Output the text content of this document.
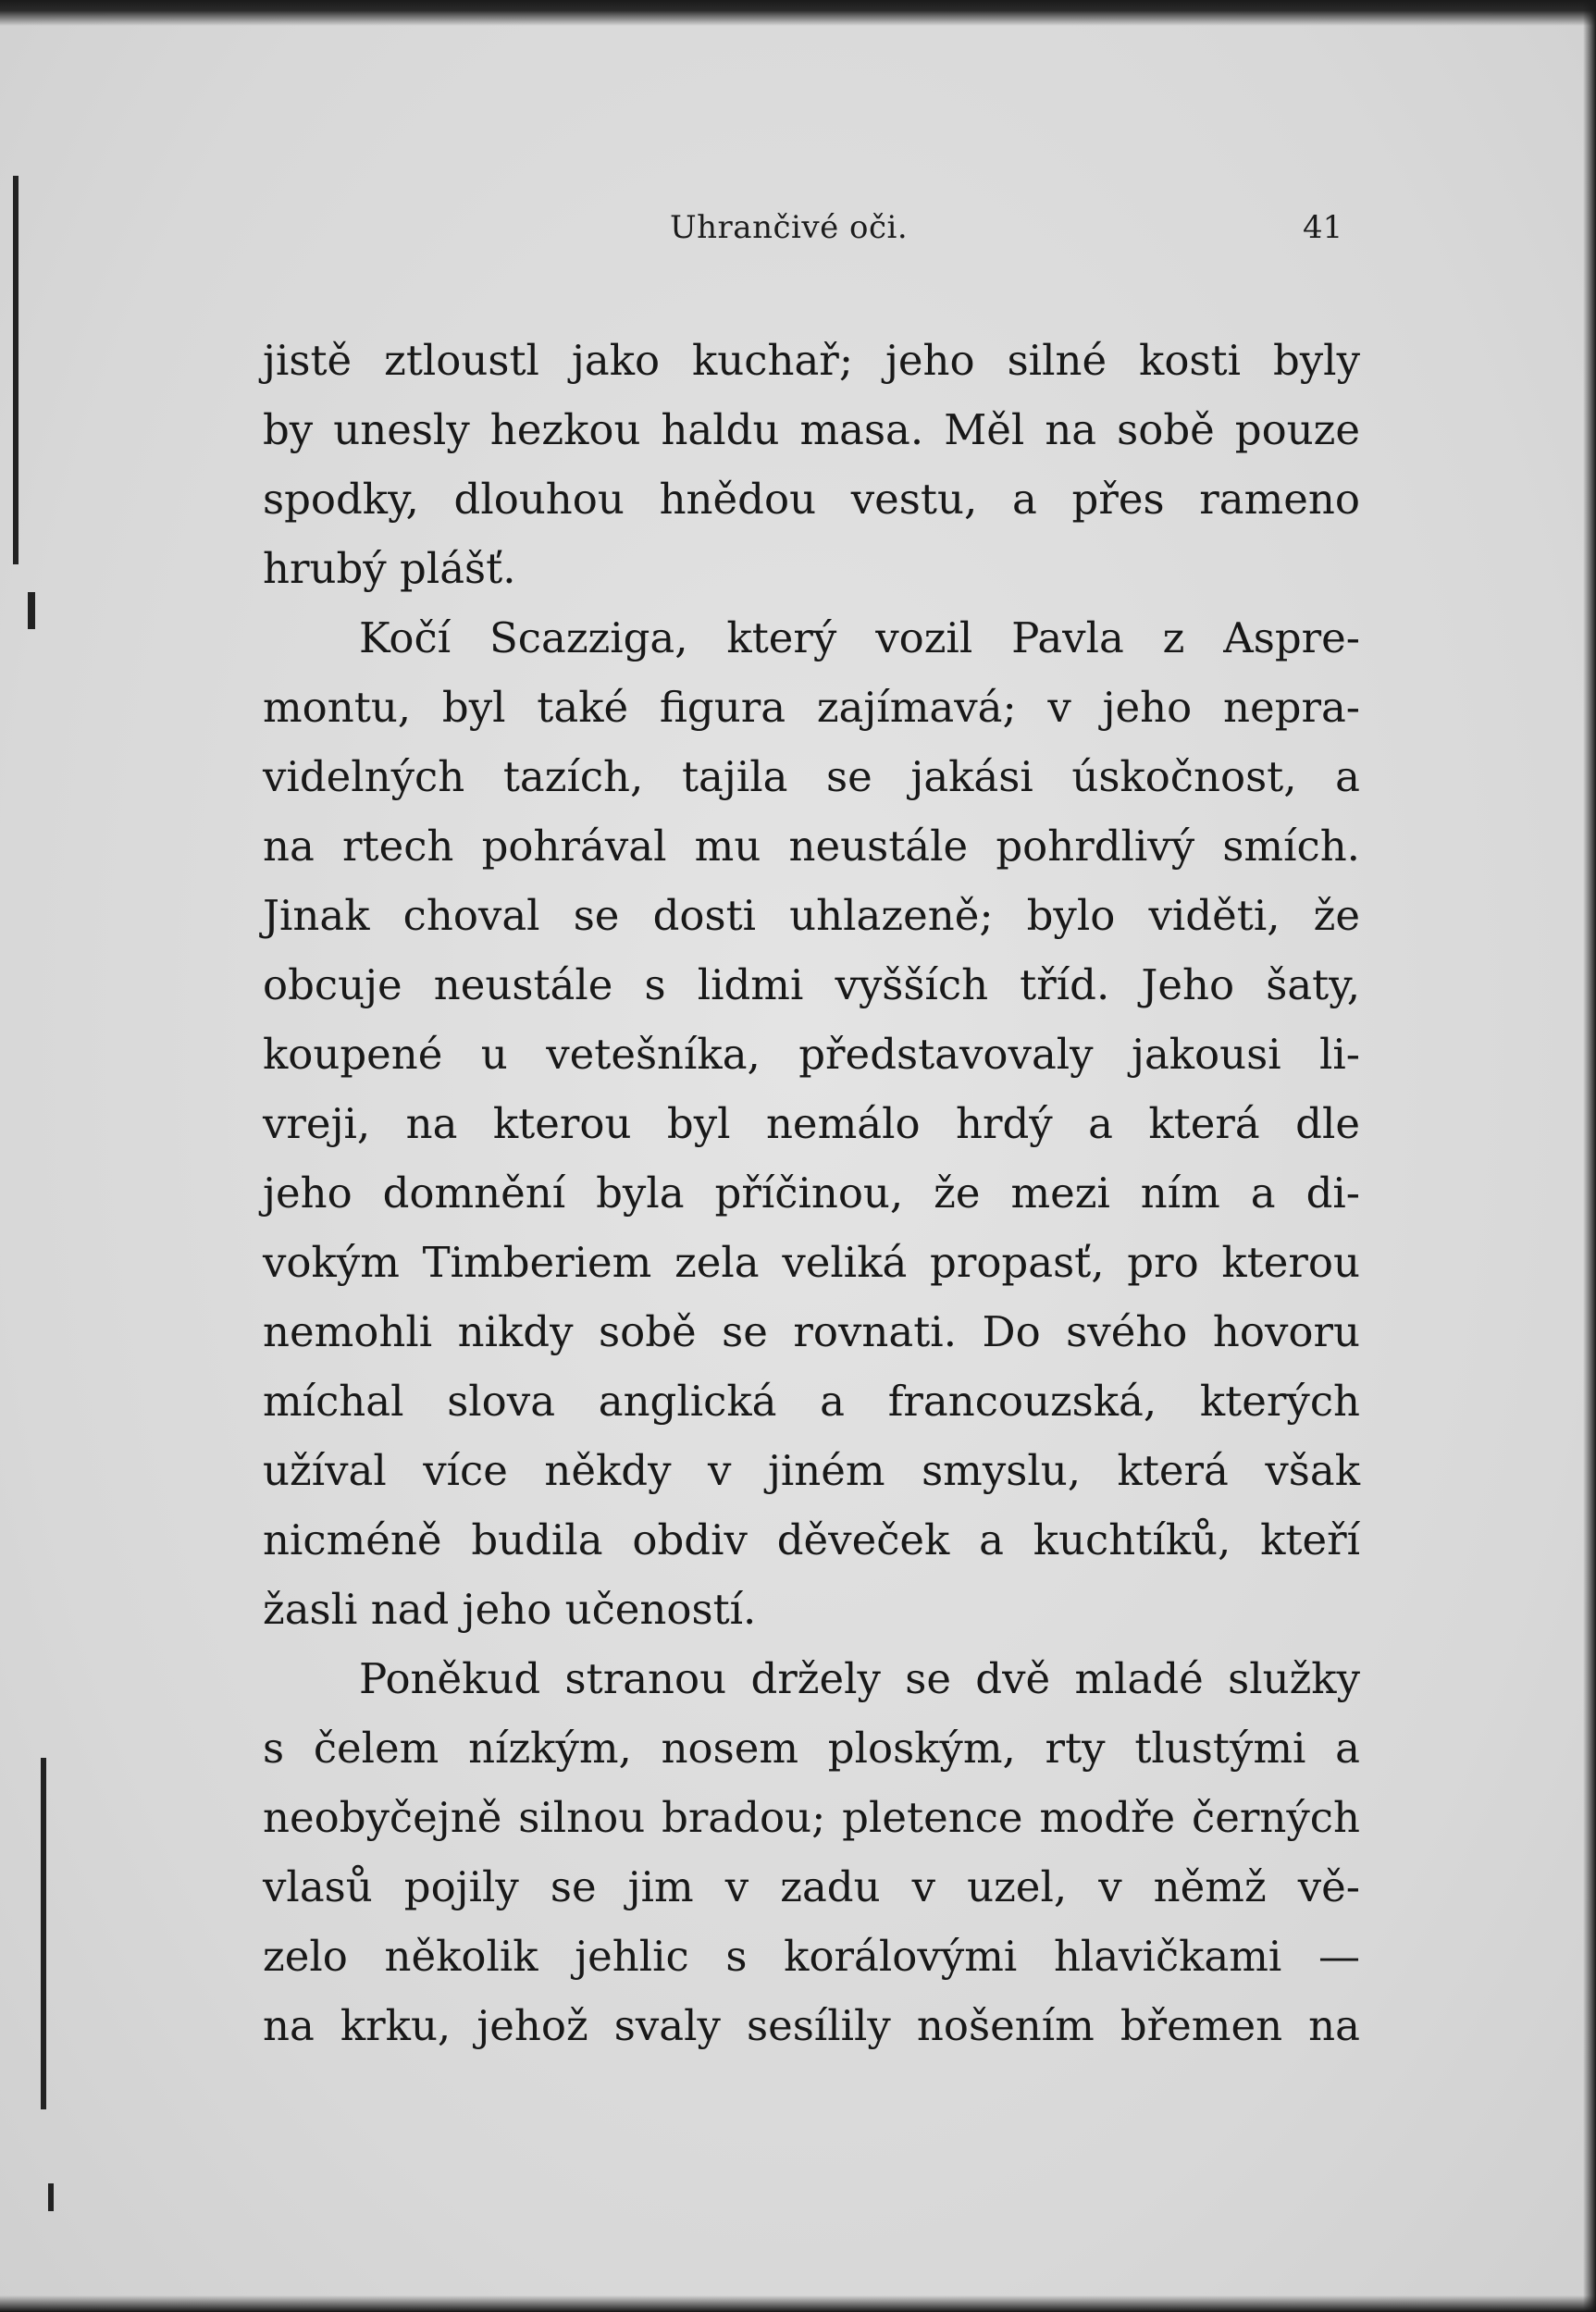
Uhrančivé oči.	41
jistě ztloustl jako kuchař; jeho silné kosti byly
by unesly hezkou haldu masa. Měl na sobě pouze
spodky, dlouhou hnědou vestu, a přes rameno
hrubý plášť.
Kočí Scazziga, který vozil Pavla z Aspre-
montu, byl také figura zajímavá; v jeho nepra-
videlných tazích, tajila se jakási úskočnost, a
na rtech pohrával mu neustále pohrdlivý smích.
Jinak choval se dosti uhlazeně; bylo viděti, že
obcuje neustále s lidmi vyšších tříd. Jeho šaty,
koupené u vetešníka, představovaly jakousi li-
vreji, na kterou byl nemálo hrdý a která dle
jeho domnění byla příčinou, že mezi ním a di-
vokým Timberiem zela veliká propasť, pro kterou
nemohli nikdy sobě se rovnati. Do svého hovoru
míchal slova anglická a francouzská, kterých
užíval více někdy v jiném smyslu, která však
nicméně budila obdiv děveček a kuchtíků, kteří
žasli nad jeho učeností.
Poněkud stranou držely se dvě mladé služky
s čelem nízkým, nosem ploským, rty tlustými a
neobyčejně silnou bradou; pletence modře černých
vlasů pojily se jim v zadu v uzel, v němž vě-
zelo několik jehlic s korálovými hlavičkami —
na krku, jehož svaly sesílily nošením břemen na
